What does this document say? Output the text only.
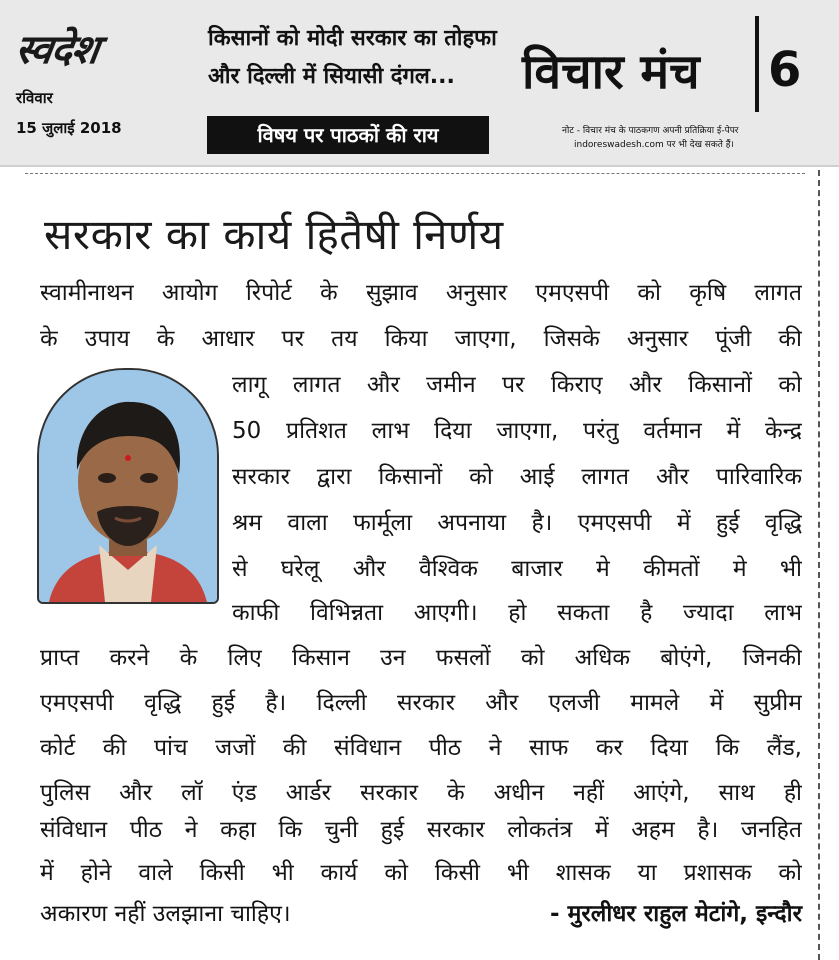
स्वदेश
रविवार
15 जुलाई 2018
किसानों को मोदी सरकार का तोहफा
और दिल्ली में सियासी दंगल...
विषय पर पाठकों की राय
विचार मंच 6
नोट - विचार मंच के पाठकगण अपनी प्रतिक्रिया ई-पेपर
indoreswadesh.com पर भी देख सकते हैं।
सरकार का कार्य हितैषी निर्णय
स्वामीनाथन आयोग रिपोर्ट के सुझाव अनुसार एमएसपी को कृषि लागत
के उपाय के आधार पर तय किया जाएगा, जिसके अनुसार पूंजी की
लागू लागत और जमीन पर किराए और किसानों को
50 प्रतिशत लाभ दिया जाएगा, परंतु वर्तमान में केन्द्र
सरकार द्वारा किसानों को आई लागत और पारिवारिक
श्रम वाला फार्मूला अपनाया है। एमएसपी में हुई वृद्धि
से घरेलू और वैश्विक बाजार मे कीमतों मे भी
काफी विभिन्नता आएगी। हो सकता है ज्यादा लाभ
प्राप्त करने के लिए किसान उन फसलों को अधिक बोएंगे, जिनकी
एमएसपी वृद्धि हुई है। दिल्ली सरकार और एलजी मामले में सुप्रीम
कोर्ट की पांच जजों की संविधान पीठ ने साफ कर दिया कि लैंड,
पुलिस और लॉ एंड आर्डर सरकार के अधीन नहीं आएंगे, साथ ही
संविधान पीठ ने कहा कि चुनी हुई सरकार लोकतंत्र में अहम है। जनहित
में होने वाले किसी भी कार्य को किसी भी शासक या प्रशासक को
अकारण नहीं उलझाना चाहिए।	- मुरलीधर राहुल मेटांगे, इन्दौर
